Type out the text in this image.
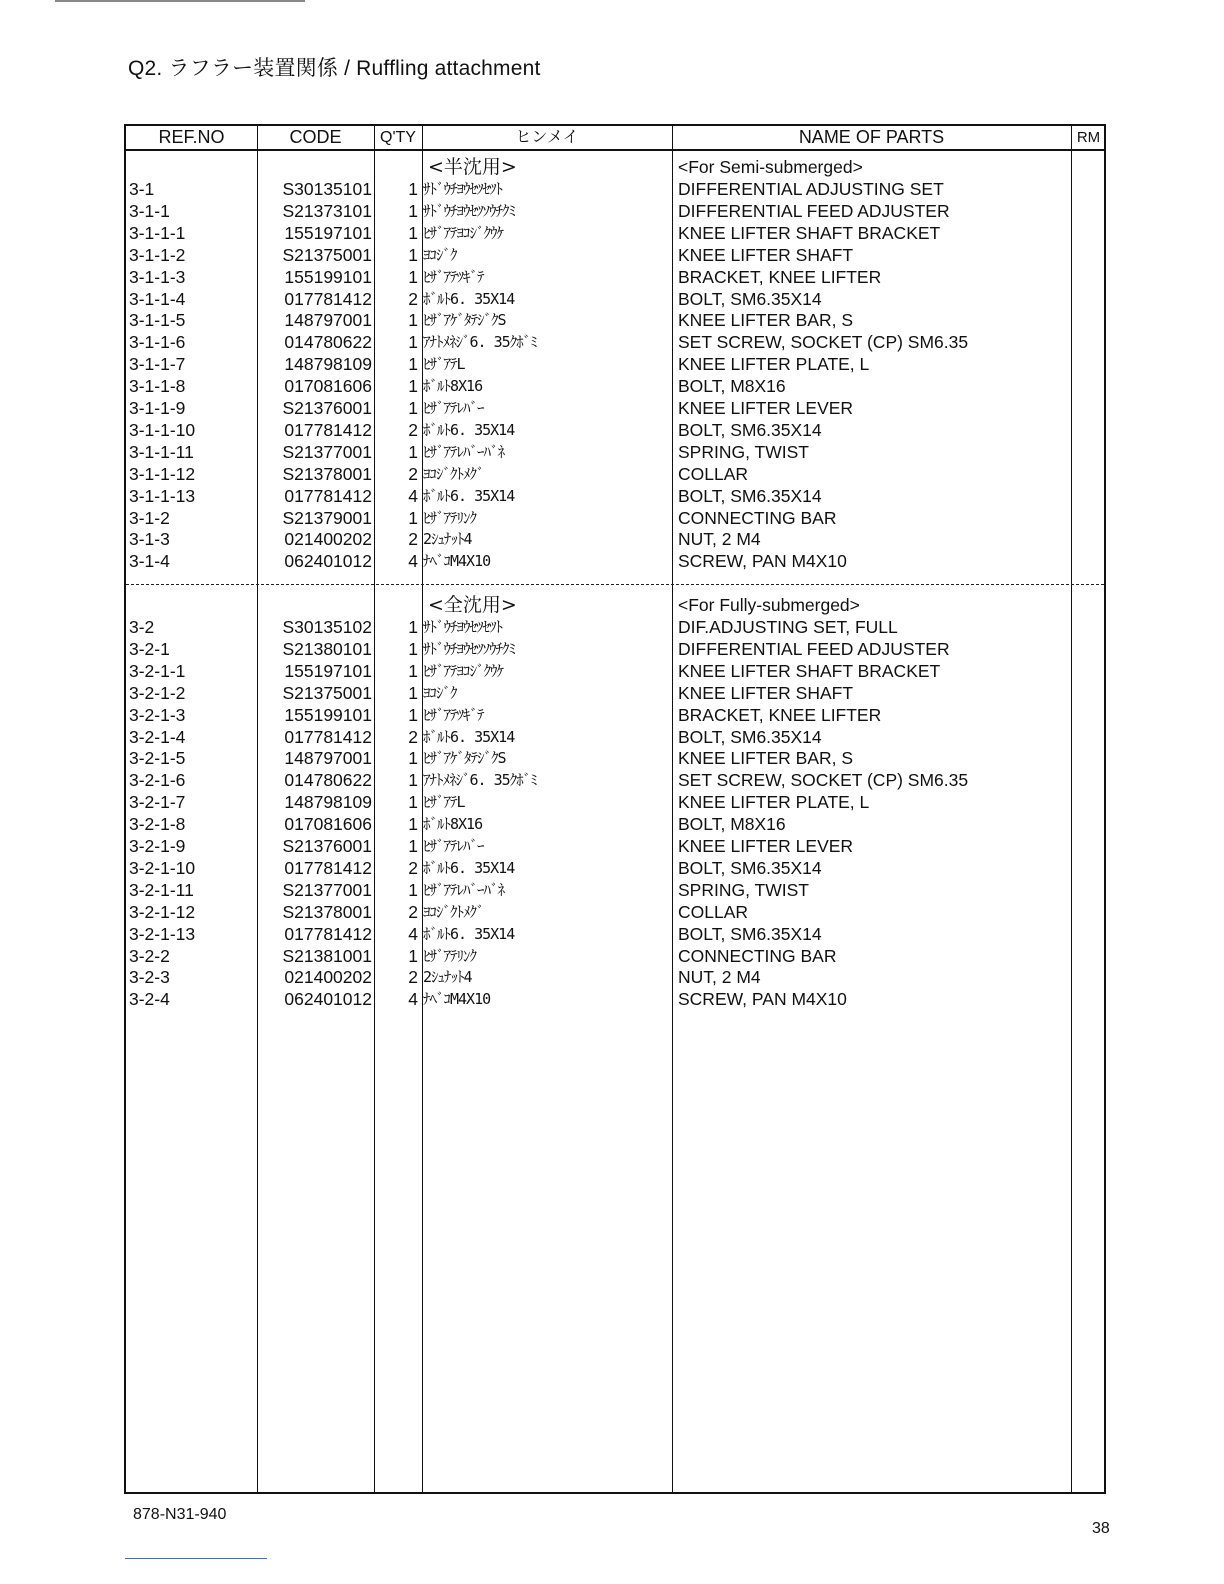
Q2. ラフラー装置関係 / Ruffling attachment
REF.NO	CODE	Q'TY	ヒンメイ	NAME OF PARTS	RM
<半沈用>	<For Semi-submerged>
3-1	S30135101	1 ｻﾄﾞｳﾁﾖｳｾﾂｾﾂﾄ	DIFFERENTIAL ADJUSTING SET
3-1-1	S21373101	1 ｻﾄﾞｳﾁﾖｳｾﾂｿｳﾁｸﾐ	DIFFERENTIAL FEED ADJUSTER
3-1-1-1	155197101	1 ﾋｻﾞｱﾃﾖｺｼﾞｸｳｹ	KNEE LIFTER SHAFT BRACKET
3-1-1-2	S21375001	1 ﾖｺｼﾞｸ	KNEE LIFTER SHAFT
3-1-1-3	155199101	1 ﾋｻﾞｱﾃﾂｷﾞﾃ	BRACKET, KNEE LIFTER
3-1-1-4	017781412	2 ﾎﾞﾙﾄ6. 35X14	BOLT, SM6.35X14
3-1-1-5	148797001	1 ﾋｻﾞｱｹﾞﾀﾃｼﾞｸS	KNEE LIFTER BAR, S
3-1-1-6	014780622	1 ｱﾅﾄﾒﾈｼﾞ6. 35ｸﾎﾞﾐ	SET SCREW, SOCKET (CP) SM6.35
3-1-1-7	148798109	1 ﾋｻﾞｱﾃL	KNEE LIFTER PLATE, L
3-1-1-8	017081606	1 ﾎﾞﾙﾄ8X16	BOLT, M8X16
3-1-1-9	S21376001	1 ﾋｻﾞｱﾃﾚﾊﾞｰ	KNEE LIFTER LEVER
3-1-1-10	017781412	2 ﾎﾞﾙﾄ6. 35X14	BOLT, SM6.35X14
3-1-1-11	S21377001	1 ﾋｻﾞｱﾃﾚﾊﾞｰﾊﾞﾈ	SPRING, TWIST
3-1-1-12	S21378001	2 ﾖｺｼﾞｸﾄﾒｸﾞ	COLLAR
3-1-1-13	017781412	4 ﾎﾞﾙﾄ6. 35X14	BOLT, SM6.35X14
3-1-2	S21379001	1 ﾋｻﾞｱﾃﾘﾝｸ	CONNECTING BAR
3-1-3	021400202	2 2ｼｭﾅｯﾄ4	NUT, 2 M4
3-1-4	062401012	4 ﾅﾍﾞｺM4X10	SCREW, PAN M4X10
<全沈用>	<For Fully-submerged>
3-2	S30135102	1 ｻﾄﾞｳﾁﾖｳｾﾂｾﾂﾄ	DIF.ADJUSTING SET, FULL
3-2-1	S21380101	1 ｻﾄﾞｳﾁﾖｳｾﾂｿｳﾁｸﾐ	DIFFERENTIAL FEED ADJUSTER
3-2-1-1	155197101	1 ﾋｻﾞｱﾃﾖｺｼﾞｸｳｹ	KNEE LIFTER SHAFT BRACKET
3-2-1-2	S21375001	1 ﾖｺｼﾞｸ	KNEE LIFTER SHAFT
3-2-1-3	155199101	1 ﾋｻﾞｱﾃﾂｷﾞﾃ	BRACKET, KNEE LIFTER
3-2-1-4	017781412	2 ﾎﾞﾙﾄ6. 35X14	BOLT, SM6.35X14
3-2-1-5	148797001	1 ﾋｻﾞｱｹﾞﾀﾃｼﾞｸS	KNEE LIFTER BAR, S
3-2-1-6	014780622	1 ｱﾅﾄﾒﾈｼﾞ6. 35ｸﾎﾞﾐ	SET SCREW, SOCKET (CP) SM6.35
3-2-1-7	148798109	1 ﾋｻﾞｱﾃL	KNEE LIFTER PLATE, L
3-2-1-8	017081606	1 ﾎﾞﾙﾄ8X16	BOLT, M8X16
3-2-1-9	S21376001	1 ﾋｻﾞｱﾃﾚﾊﾞｰ	KNEE LIFTER LEVER
3-2-1-10	017781412	2 ﾎﾞﾙﾄ6. 35X14	BOLT, SM6.35X14
3-2-1-11	S21377001	1 ﾋｻﾞｱﾃﾚﾊﾞｰﾊﾞﾈ	SPRING, TWIST
3-2-1-12	S21378001	2 ﾖｺｼﾞｸﾄﾒｸﾞ	COLLAR
3-2-1-13	017781412	4 ﾎﾞﾙﾄ6. 35X14	BOLT, SM6.35X14
3-2-2	S21381001	1 ﾋｻﾞｱﾃﾘﾝｸ	CONNECTING BAR
3-2-3	021400202	2 2ｼｭﾅｯﾄ4	NUT, 2 M4
3-2-4	062401012	4 ﾅﾍﾞｺM4X10	SCREW, PAN M4X10
878-N31-940
38
